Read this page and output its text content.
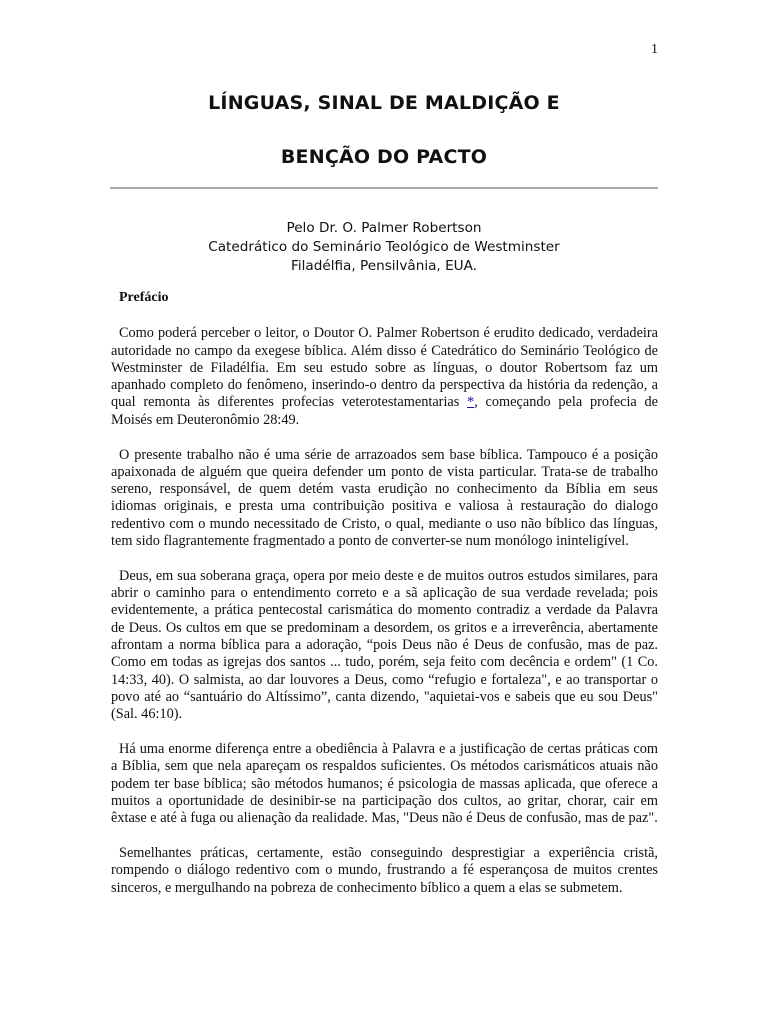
1
LÍNGUAS, SINAL DE MALDIÇÃO E
BENÇÃO DO PACTO
Pelo Dr. O. Palmer Robertson
Catedrático do Seminário Teológico de Westminster
Filadélfia, Pensilvânia, EUA.
Prefácio

Como poderá perceber o leitor, o Doutor O. Palmer Robertson é erudito dedicado, verdadeira autoridade no campo da exegese bíblica. Além disso é Catedrático do Seminário Teológico de Westminster de Filadélfia. Em seu estudo sobre as línguas, o doutor Robertsom faz um apanhado completo do fenômeno, inserindo-o dentro da perspectiva da história da redenção, a qual remonta às diferentes profecias veterotestamentarias *, começando pela profecia de Moisés em Deuteronômio 28:49.

O presente trabalho não é uma série de arrazoados sem base bíblica. Tampouco é a posição apaixonada de alguém que queira defender um ponto de vista particular. Trata-se de trabalho sereno, responsável, de quem detém vasta erudição no conhecimento da Bíblia em seus idiomas originais, e presta uma contribuição positiva e valiosa à restauração do dialogo redentivo com o mundo necessitado de Cristo, o qual, mediante o uso não bíblico das línguas, tem sido flagrantemente fragmentado a ponto de converter-se num monólogo ininteligível.

Deus, em sua soberana graça, opera por meio deste e de muitos outros estudos similares, para abrir o caminho para o entendimento correto e a sã aplicação de sua verdade revelada; pois evidentemente, a prática pentecostal carismática do momento contradiz a verdade da Palavra de Deus. Os cultos em que se predominam a desordem, os gritos e a irreverência, abertamente afrontam a norma bíblica para a adoração, “pois Deus não é Deus de confusão, mas de paz. Como em todas as igrejas dos santos ... tudo, porém, seja feito com decência e ordem" (1 Co. 14:33, 40). O salmista, ao dar louvores a Deus, como “refugio e fortaleza", e ao transportar o povo até ao “santuário do Altíssimo”, canta dizendo, "aquietai-vos e sabeis que eu sou Deus" (Sal. 46:10).

Há uma enorme diferença entre a obediência à Palavra e a justificação de certas práticas com a Bíblia, sem que nela apareçam os respaldos suficientes. Os métodos carismáticos atuais não podem ter base bíblica; são métodos humanos; é psicologia de massas aplicada, que oferece a muitos a oportunidade de desinibir-se na participação dos cultos, ao gritar, chorar, cair em êxtase e até à fuga ou alienação da realidade. Mas, "Deus não é Deus de confusão, mas de paz".

Semelhantes práticas, certamente, estão conseguindo desprestigiar a experiência cristã, rompendo o diálogo redentivo com o mundo, frustrando a fé esperançosa de muitos crentes sinceros, e mergulhando na pobreza de conhecimento bíblico a quem a elas se submetem.
